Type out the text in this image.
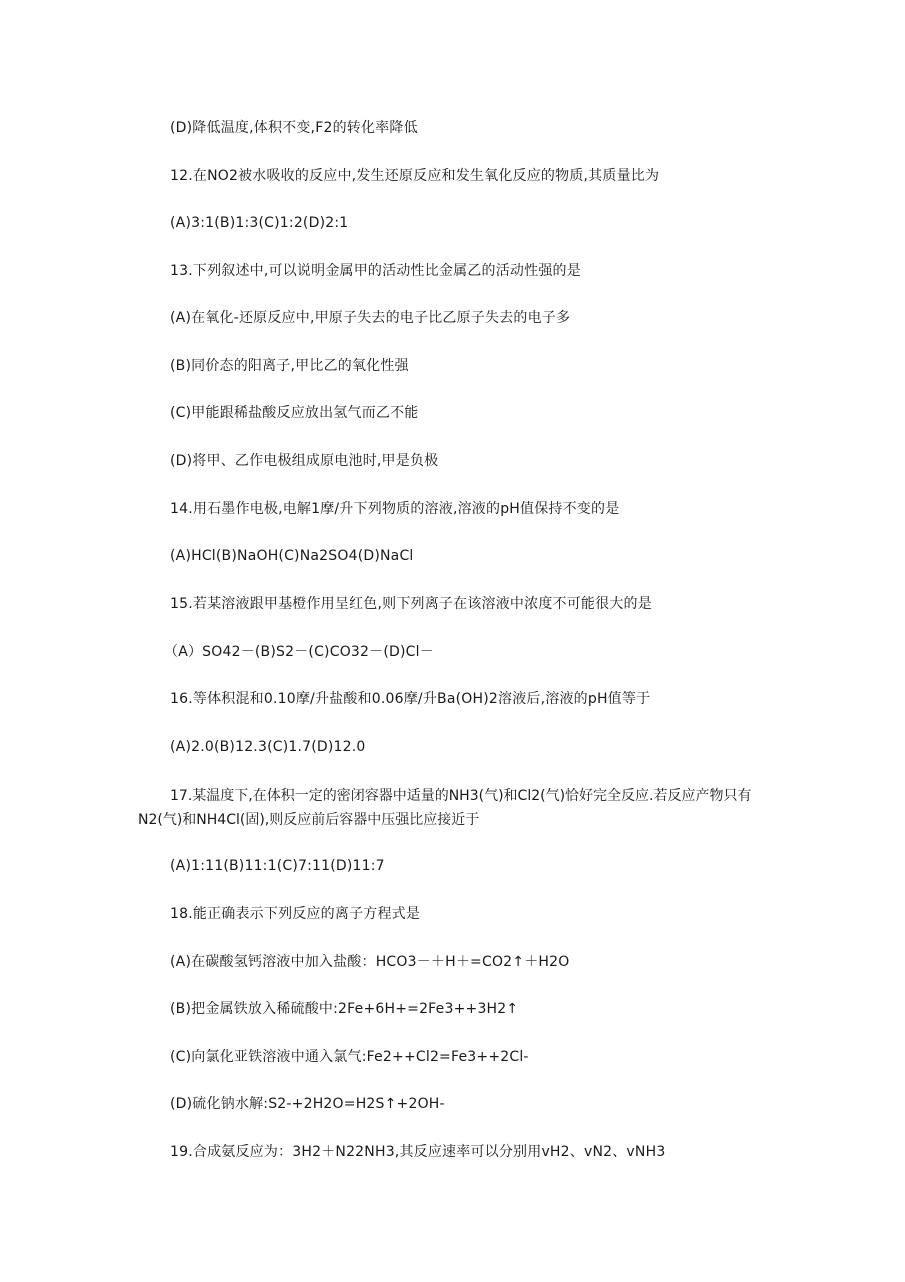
(D)降低温度,体积不变,F2的转化率降低
12.在NO2被水吸收的反应中,发生还原反应和发生氧化反应的物质,其质量比为
(A)3:1(B)1:3(C)1:2(D)2:1
13.下列叙述中,可以说明金属甲的活动性比金属乙的活动性强的是
(A)在氧化-还原反应中,甲原子失去的电子比乙原子失去的电子多
(B)同价态的阳离子,甲比乙的氧化性强
(C)甲能跟稀盐酸反应放出氢气而乙不能
(D)将甲、乙作电极组成原电池时,甲是负极
14.用石墨作电极,电解1摩/升下列物质的溶液,溶液的pH值保持不变的是
(A)HCl(B)NaOH(C)Na2SO4(D)NaCl
15.若某溶液跟甲基橙作用呈红色,则下列离子在该溶液中浓度不可能很大的是
（A）SO42－(B)S2－(C)CO32－(D)Cl－
16.等体积混和0.10摩/升盐酸和0.06摩/升Ba(OH)2溶液后,溶液的pH值等于
(A)2.0(B)12.3(C)1.7(D)12.0
17.某温度下,在体积一定的密闭容器中适量的NH3(气)和Cl2(气)恰好完全反应.若反应产物只有N2(气)和NH4Cl(固),则反应前后容器中压强比应接近于
(A)1:11(B)11:1(C)7:11(D)11:7
18.能正确表示下列反应的离子方程式是
(A)在碳酸氢钙溶液中加入盐酸：HCO3－＋H＋=CO2↑＋H2O
(B)把金属铁放入稀硫酸中:2Fe+6H+=2Fe3++3H2↑
(C)向氯化亚铁溶液中通入氯气:Fe2++Cl2=Fe3++2Cl-
(D)硫化钠水解:S2-+2H2O=H2S↑+2OH-
19.合成氨反应为：3H2＋N22NH3,其反应速率可以分别用vH2、vN2、vNH3
